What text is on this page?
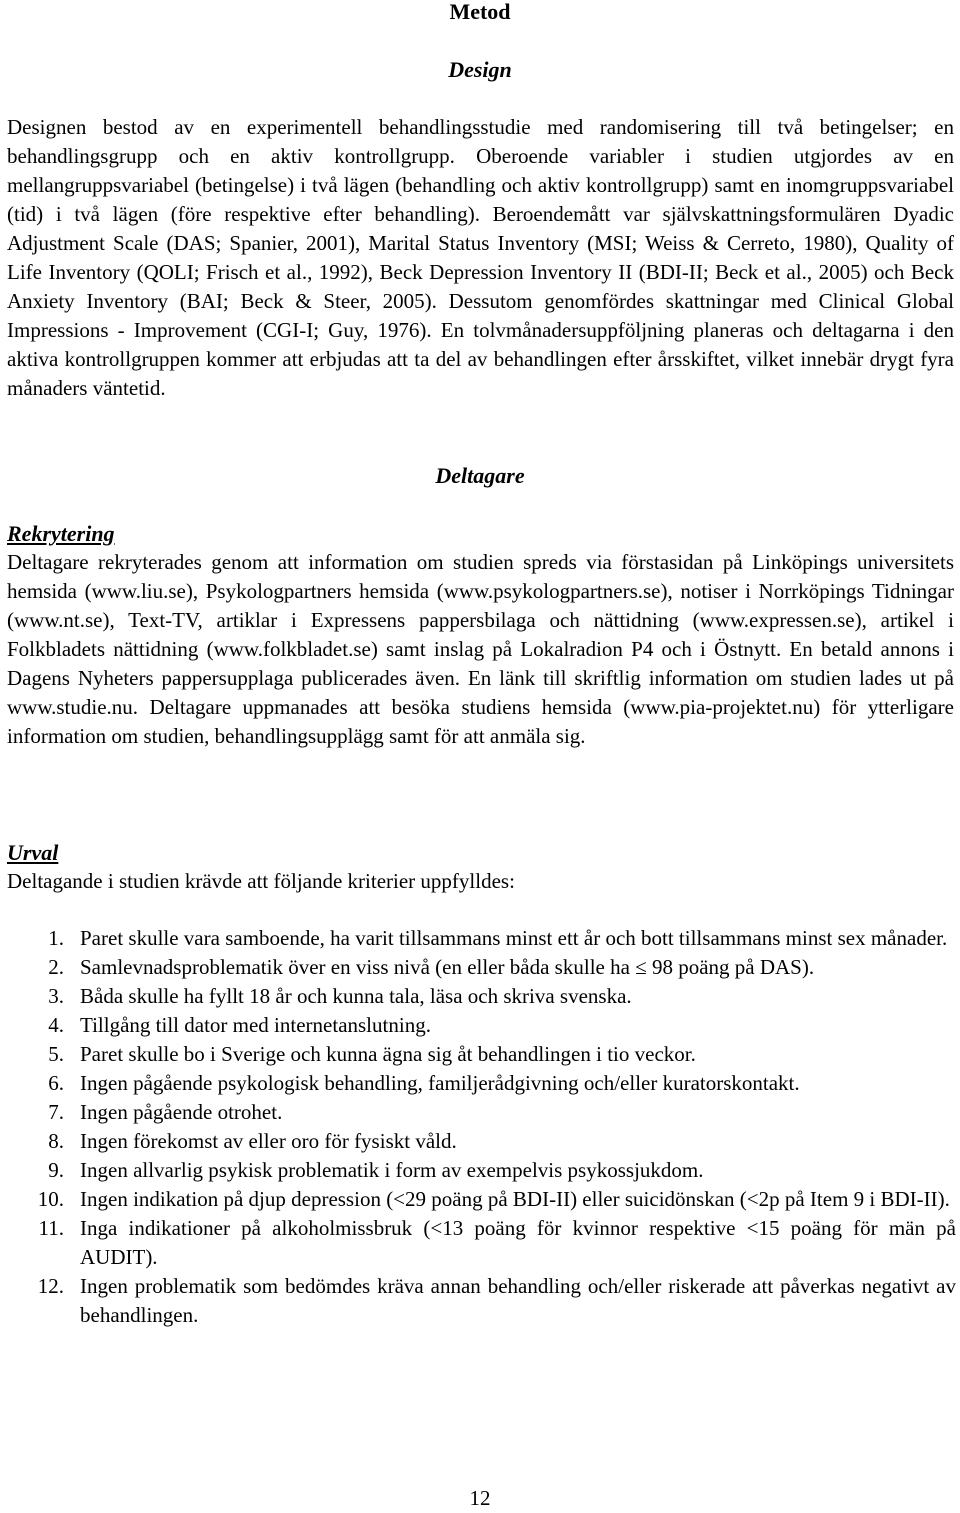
Metod
Design

Designen bestod av en experimentell behandlingsstudie med randomisering till två betingelser; en behandlingsgrupp och en aktiv kontrollgrupp. Oberoende variabler i studien utgjordes av en mellangruppsvariabel (betingelse) i två lägen (behandling och aktiv kontrollgrupp) samt en inomgruppsvariabel (tid) i två lägen (före respektive efter behandling). Beroendemått var självskattningsformulären Dyadic Adjustment Scale (DAS; Spanier, 2001), Marital Status Inventory (MSI; Weiss & Cerreto, 1980), Quality of Life Inventory (QOLI; Frisch et al., 1992), Beck Depression Inventory II (BDI-II; Beck et al., 2005) och Beck Anxiety Inventory (BAI; Beck & Steer, 2005). Dessutom genomfördes skattningar med Clinical Global Impressions - Improvement (CGI-I; Guy, 1976). En tolvmånadersuppföljning planeras och deltagarna i den aktiva kontrollgruppen kommer att erbjudas att ta del av behandlingen efter årsskiftet, vilket innebär drygt fyra månaders väntetid.

Deltagare
Rekrytering

Deltagare rekryterades genom att information om studien spreds via förstasidan på Linköpings universitets hemsida (www.liu.se), Psykologpartners hemsida (www.psykologpartners.se), notiser i Norrköpings Tidningar (www.nt.se), Text-TV, artiklar i Expressens pappersbilaga och nättidning (www.expressen.se), artikel i Folkbladets nättidning (www.folkbladet.se) samt inslag på Lokalradion P4 och i Östnytt. En betald annons i Dagens Nyheters pappersupplaga publicerades även. En länk till skriftlig information om studien lades ut på www.studie.nu. Deltagare uppmanades att besöka studiens hemsida (www.pia-projektet.nu) för ytterligare information om studien, behandlingsupplägg samt för att anmäla sig.

Urval

Deltagande i studien krävde att följande kriterier uppfylldes:

1. Paret skulle vara samboende, ha varit tillsammans minst ett år och bott tillsammans minst sex månader.
2. Samlevnadsproblematik över en viss nivå (en eller båda skulle ha ≤ 98 poäng på DAS).
3. Båda skulle ha fyllt 18 år och kunna tala, läsa och skriva svenska.
4. Tillgång till dator med internetanslutning.
5. Paret skulle bo i Sverige och kunna ägna sig åt behandlingen i tio veckor.
6. Ingen pågående psykologisk behandling, familjerådgivning och/eller kuratorskontakt.
7. Ingen pågående otrohet.
8. Ingen förekomst av eller oro för fysiskt våld.
9. Ingen allvarlig psykisk problematik i form av exempelvis psykossjukdom.
10. Ingen indikation på djup depression (<29 poäng på BDI-II) eller suicidönskan (<2p på Item 9 i BDI-II).
11. Inga indikationer på alkoholmissbruk (<13 poäng för kvinnor respektive <15 poäng för män på AUDIT).
12. Ingen problematik som bedömdes kräva annan behandling och/eller riskerade att påverkas negativt av behandlingen.
12
